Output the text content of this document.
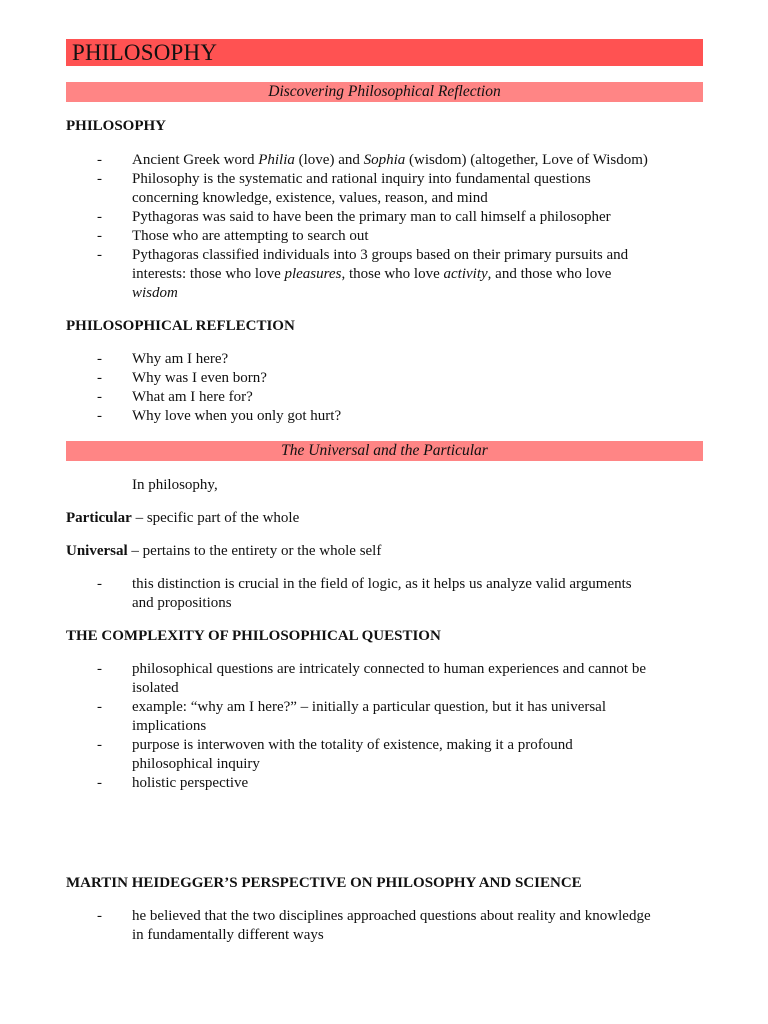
PHILOSOPHY
Discovering Philosophical Reflection
PHILOSOPHY
- Ancient Greek word Philia (love) and Sophia (wisdom) (altogether, Love of Wisdom)
- Philosophy is the systematic and rational inquiry into fundamental questions
concerning knowledge, existence, values, reason, and mind
- Pythagoras was said to have been the primary man to call himself a philosopher
- Those who are attempting to search out
- Pythagoras classified individuals into 3 groups based on their primary pursuits and
interests: those who love pleasures, those who love activity, and those who love
wisdom
PHILOSOPHICAL REFLECTION
- Why am I here?
- Why was I even born?
- What am I here for?
- Why love when you only got hurt?
The Universal and the Particular
In philosophy,
Particular – specific part of the whole
Universal – pertains to the entirety or the whole self
- this distinction is crucial in the field of logic, as it helps us analyze valid arguments
and propositions
THE COMPLEXITY OF PHILOSOPHICAL QUESTION
- philosophical questions are intricately connected to human experiences and cannot be
isolated
- example: “why am I here?” – initially a particular question, but it has universal
implications
- purpose is interwoven with the totality of existence, making it a profound
philosophical inquiry
- holistic perspective
MARTIN HEIDEGGER’S PERSPECTIVE ON PHILOSOPHY AND SCIENCE
- he believed that the two disciplines approached questions about reality and knowledge
in fundamentally different ways
